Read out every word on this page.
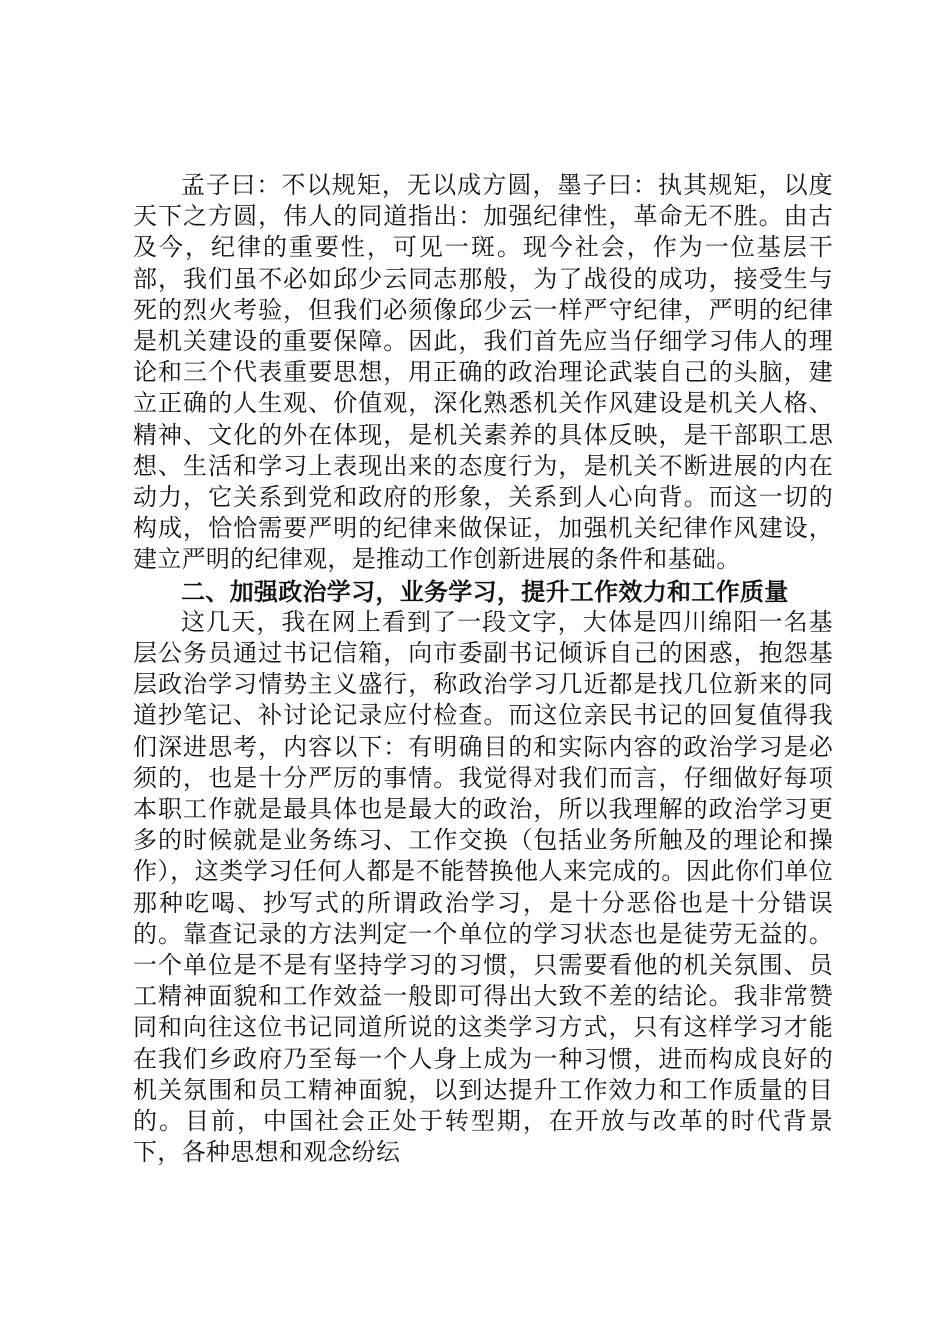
孟子曰：不以规矩，无以成方圆，墨子曰：执其规矩，以度天下之方圆，伟人的同道指出：加强纪律性，革命无不胜。由古及今，纪律的重要性，可见一斑。现今社会，作为一位基层干部，我们虽不必如邱少云同志那般，为了战役的成功，接受生与死的烈火考验，但我们必须像邱少云一样严守纪律，严明的纪律是机关建设的重要保障。因此，我们首先应当仔细学习伟人的理论和三个代表重要思想，用正确的政治理论武装自己的头脑，建立正确的人生观、价值观，深化熟悉机关作风建设是机关人格、精神、文化的外在体现，是机关素养的具体反映，是干部职工思想、生活和学习上表现出来的态度行为，是机关不断进展的内在动力，它关系到党和政府的形象，关系到人心向背。而这一切的构成，恰恰需要严明的纪律来做保证，加强机关纪律作风建设，建立严明的纪律观，是推动工作创新进展的条件和基础。

二、加强政治学习，业务学习，提升工作效力和工作质量

这几天，我在网上看到了一段文字，大体是四川绵阳一名基层公务员通过书记信箱，向市委副书记倾诉自己的困惑，抱怨基层政治学习情势主义盛行，称政治学习几近都是找几位新来的同道抄笔记、补讨论记录应付检查。而这位亲民书记的回复值得我们深进思考，内容以下：有明确目的和实际内容的政治学习是必须的，也是十分严厉的事情。我觉得对我们而言，仔细做好每项本职工作就是最具体也是最大的政治，所以我理解的政治学习更多的时候就是业务练习、工作交换（包括业务所触及的理论和操作），这类学习任何人都是不能替换他人来完成的。因此你们单位那种吃喝、抄写式的所谓政治学习，是十分恶俗也是十分错误的。靠查记录的方法判定一个单位的学习状态也是徒劳无益的。一个单位是不是有坚持学习的习惯，只需要看他的机关氛围、员工精神面貌和工作效益一般即可得出大致不差的结论。我非常赞同和向往这位书记同道所说的这类学习方式，只有这样学习才能在我们乡政府乃至每一个人身上成为一种习惯，进而构成良好的机关氛围和员工精神面貌，以到达提升工作效力和工作质量的目的。目前，中国社会正处于转型期，在开放与改革的时代背景下，各种思想和观念纷纭
